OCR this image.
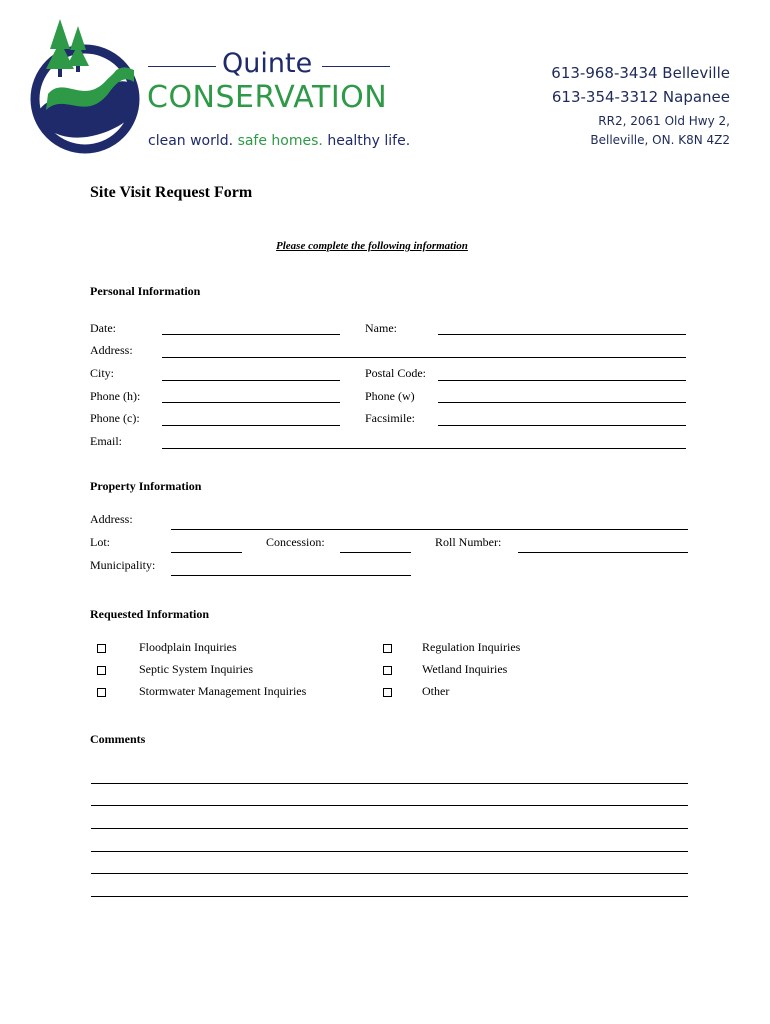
Quinte
CONSERVATION
clean world. safe homes. healthy life.
613-968-3434 Belleville
613-354-3312 Napanee
RR2, 2061 Old Hwy 2,
Belleville, ON. K8N 4Z2
Site Visit Request Form
Please complete the following information
Personal Information
Date:	Name:
Address:
City:	Postal Code:
Phone (h):	Phone (w)
Phone (c):	Facsimile:
Email:
Property Information
Address:
Lot:	Concession:	Roll Number:
Municipality:
Requested Information
Floodplain Inquiries	Regulation Inquiries
Septic System Inquiries	Wetland Inquiries
Stormwater Management Inquiries	Other
Comments
